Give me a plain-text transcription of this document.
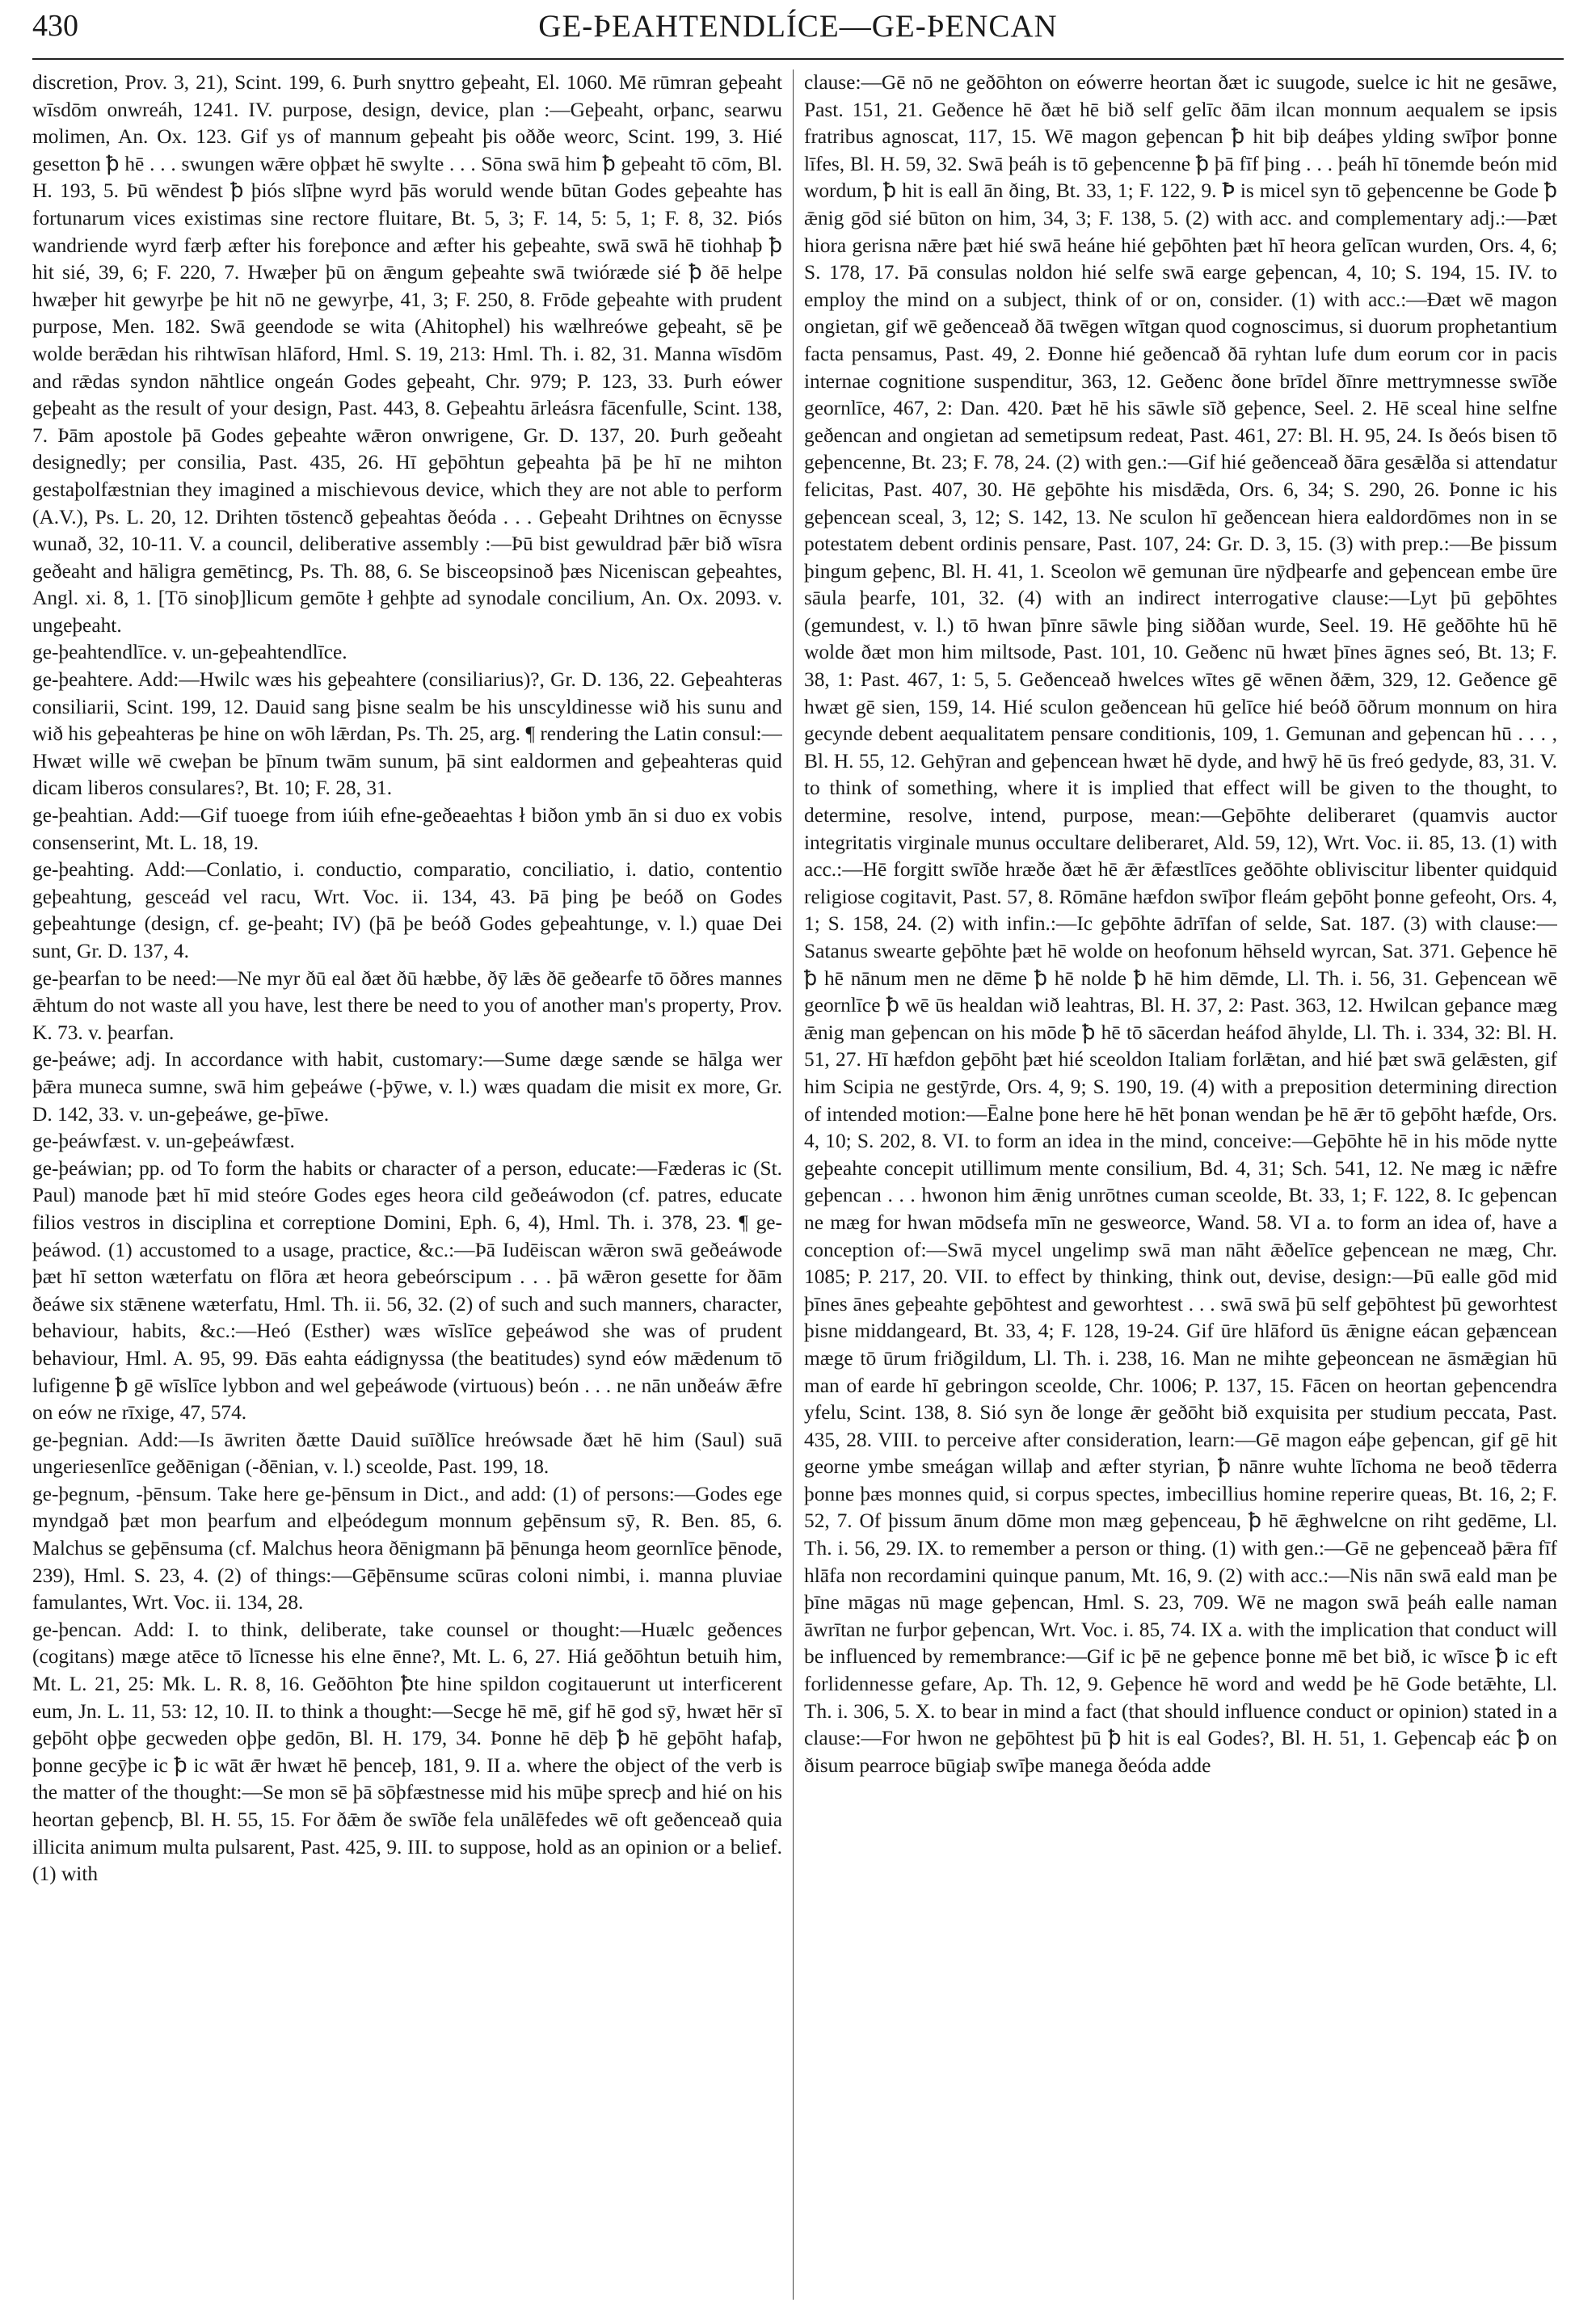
430	GE-ÞEAHTENDLÍCE—GE-ÞENCAN

discretion, Prov. 3, 21), Scint. 199, 6. Þurh snyttro geþeaht, El. 1060. Mē rūmran geþeaht wīsdōm onwreáh, 1241. IV. purpose, design, device, plan :—Geþeaht, orþanc, searwu molimen, An. Ox. 123. Gif ys of mannum geþeaht þis oððe weorc, Scint. 199, 3. Hié gesetton ꝥ hē . . . swungen wǣre oþþæt hē swylte . . . Sōna swā him ꝥ geþeaht tō cōm, Bl. H. 193, 5. Þū wēndest ꝥ þiós slīþne wyrd þās woruld wende būtan Godes geþeahte has fortunarum vices existimas sine rectore fluitare, Bt. 5, 3; F. 14, 5: 5, 1; F. 8, 32. Þiós wandriende wyrd færþ æfter his foreþonce and æfter his geþeahte, swā swā hē tiohhaþ ꝥ hit sié, 39, 6; F. 220, 7. Hwæþer þū on ǣngum geþeahte swā twióræde sié ꝥ ðē helpe hwæþer hit gewyrþe þe hit nō ne gewyrþe, 41, 3; F. 250, 8. Frōde geþeahte with prudent purpose, Men. 182. Swā geendode se wita (Ahitophel) his wælhreówe geþeaht, sē þe wolde berǣdan his rihtwīsan hlāford, Hml. S. 19, 213: Hml. Th. i. 82, 31. Manna wīsdōm and rǣdas syndon nāhtlice ongeán Godes geþeaht, Chr. 979; P. 123, 33. Þurh eówer geþeaht as the result of your design, Past. 443, 8. Geþeahtu ārleásra fācenfulle, Scint. 138, 7. Þām apostole þā Godes geþeahte wǣron onwrigene, Gr. D. 137, 20. Þurh geðeaht designedly; per consilia, Past. 435, 26. Hī geþōhtun geþeahta þā þe hī ne mihton gestaþolfæstnian they imagined a mischievous device, which they are not able to perform (A.V.), Ps. L. 20, 12. Drihten tōstencð geþeahtas ðeóda . . . Geþeaht Drihtnes on ēcnysse wunað, 32, 10-11. V. a council, deliberative assembly :—Þū bist gewuldrad þǣr bið wīsra geðeaht and hāligra gemētincg, Ps. Th. 88, 6. Se bisceopsinoð þæs Niceniscan geþeahtes, Angl. xi. 8, 1. [Tō sinoþ]licum gemōte ł gehþte ad synodale concilium, An. Ox. 2093. v. ungeþeaht.

ge-þeahtendlīce. v. un-geþeahtendlīce.

ge-þeahtere. Add:—Hwilc wæs his geþeahtere (consiliarius)?, Gr. D. 136, 22. Geþeahteras consiliarii, Scint. 199, 12. Dauid sang þisne sealm be his unscyldinesse wið his sunu and wið his geþeahteras þe hine on wōh lǣrdan, Ps. Th. 25, arg. ¶ rendering the Latin consul:—Hwæt wille wē cweþan be þīnum twām sunum, þā sint ealdormen and geþeahteras quid dicam liberos consulares?, Bt. 10; F. 28, 31.

ge-þeahtian. Add:—Gif tuoege from iúih efne-geðeaehtas ł biðon ymb ān si duo ex vobis consenserint, Mt. L. 18, 19.

ge-þeahting. Add:—Conlatio, i. conductio, comparatio, conciliatio, i. datio, contentio geþeahtung, gesceád vel racu, Wrt. Voc. ii. 134, 43. Þā þing þe beóð on Godes geþeahtunge (design, cf. ge-þeaht; IV) (þā þe beóð Godes geþeahtunge, v. l.) quae Dei sunt, Gr. D. 137, 4.

ge-þearfan to be need:—Ne myr ðū eal ðæt ðū hæbbe, ðȳ lǣs ðē geðearfe tō ōðres mannes ǣhtum do not waste all you have, lest there be need to you of another man's property, Prov. K. 73. v. þearfan.

ge-þeáwe; adj. In accordance with habit, customary:—Sume dæge sænde se hālga wer þǣra muneca sumne, swā him geþeáwe (-þȳwe, v. l.) wæs quadam die misit ex more, Gr. D. 142, 33. v. un-geþeáwe, ge-þīwe.

ge-þeáwfæst. v. un-geþeáwfæst.

ge-þeáwian; pp. od To form the habits or character of a person, educate:—Fæderas ic (St. Paul) manode þæt hī mid steóre Godes eges heora cild geðeáwodon (cf. patres, educate filios vestros in disciplina et correptione Domini, Eph. 6, 4), Hml. Th. i. 378, 23. ¶ ge-þeáwod. (1) accustomed to a usage, practice, &c.:—Þā Iudēiscan wǣron swā geðeáwode þæt hī setton wæterfatu on flōra æt heora gebeórscipum . . . þā wǣron gesette for ðām ðeáwe six stǣnene wæterfatu, Hml. Th. ii. 56, 32. (2) of such and such manners, character, behaviour, habits, &c.:—Heó (Esther) wæs wīslīce geþeáwod she was of prudent behaviour, Hml. A. 95, 99. Ðās eahta eádignyssa (the beatitudes) synd eów mǣdenum tō lufigenne ꝥ gē wīslīce lybbon and wel geþeáwode (virtuous) beón . . . ne nān unðeáw ǣfre on eów ne rīxige, 47, 574.

ge-þegnian. Add:—Is āwriten ðætte Dauid suīðlīce hreówsade ðæt hē him (Saul) suā ungeriesenlīce geðēnigan (-ðēnian, v. l.) sceolde, Past. 199, 18.

ge-þegnum, -þēnsum. Take here ge-þēnsum in Dict., and add: (1) of persons:—Godes ege myndgað þæt mon þearfum and elþeódegum monnum geþēnsum sȳ, R. Ben. 85, 6. Malchus se geþēnsuma (cf. Malchus heora ðēnigmann þā þēnunga heom geornlīce þēnode, 239), Hml. S. 23, 4. (2) of things:—Gēþēnsume scūras coloni nimbi, i. manna pluviae famulantes, Wrt. Voc. ii. 134, 28.

ge-þencan. Add: I. to think, deliberate, take counsel or thought:—Huælc geðences (cogitans) mæge atēce tō līcnesse his elne ēnne?, Mt. L. 6, 27. Hiá geðōhtun betuih him, Mt. L. 21, 25: Mk. L. R. 8, 16. Geðōhton ꝥte hine spildon cogitauerunt ut interficerent eum, Jn. L. 11, 53: 12, 10. II. to think a thought:—Secge hē mē, gif hē god sȳ, hwæt hēr sī geþōht oþþe gecweden oþþe gedōn, Bl. H. 179, 34. Þonne hē dēþ ꝥ hē geþōht hafaþ, þonne gecȳþe ic ꝥ ic wāt ǣr hwæt hē þenceþ, 181, 9. II a. where the object of the verb is the matter of the thought:—Se mon sē þā sōþfæstnesse mid his mūþe sprecþ and hié on his heortan geþencþ, Bl. H. 55, 15. For ðǣm ðe swīðe fela unālēfedes wē oft geðenceað quia illicita animum multa pulsarent, Past. 425, 9. III. to suppose, hold as an opinion or a belief. (1) with

clause:—Gē nō ne geðōhton on eówerre heortan ðæt ic suugode, suelce ic hit ne gesāwe, Past. 151, 21. Geðence hē ðæt hē bið self gelīc ðām ilcan monnum aequalem se ipsis fratribus agnoscat, 117, 15. Wē magon geþencan ꝥ hit biþ deáþes ylding swīþor þonne līfes, Bl. H. 59, 32. Swā þeáh is tō geþencenne ꝥ þā fīf þing . . . þeáh hī tōnemde beón mid wordum, ꝥ hit is eall ān ðing, Bt. 33, 1; F. 122, 9. Ꝥ is micel syn tō geþencenne be Gode ꝥ ǣnig gōd sié būton on him, 34, 3; F. 138, 5. (2) with acc. and complementary adj.:—Þæt hiora gerisna nǣre þæt hié swā heáne hié geþōhten þæt hī heora gelīcan wurden, Ors. 4, 6; S. 178, 17. Þā consulas noldon hié selfe swā earge geþencan, 4, 10; S. 194, 15. IV. to employ the mind on a subject, think of or on, consider. (1) with acc.:—Ðæt wē magon ongietan, gif wē geðenceað ðā twēgen wītgan quod cognoscimus, si duorum prophetantium facta pensamus, Past. 49, 2. Ðonne hié geðencað ðā ryhtan lufe dum eorum cor in pacis internae cognitione suspenditur, 363, 12. Geðenc ðone brīdel ðīnre mettrymnesse swīðe geornlīce, 467, 2: Dan. 420. Þæt hē his sāwle sīð geþence, Seel. 2. Hē sceal hine selfne geðencan and ongietan ad semetipsum redeat, Past. 461, 27: Bl. H. 95, 24. Is ðeós bisen tō geþencenne, Bt. 23; F. 78, 24. (2) with gen.:—Gif hié geðenceað ðāra gesǣlða si attendatur felicitas, Past. 407, 30. Hē geþōhte his misdǣda, Ors. 6, 34; S. 290, 26. Þonne ic his geþencean sceal, 3, 12; S. 142, 13. Ne sculon hī geðencean hiera ealdordōmes non in se potestatem debent ordinis pensare, Past. 107, 24: Gr. D. 3, 15. (3) with prep.:—Be þissum þingum geþenc, Bl. H. 41, 1. Sceolon wē gemunan ūre nȳdþearfe and geþencean embe ūre sāula þearfe, 101, 32. (4) with an indirect interrogative clause:—Lyt þū geþōhtes (gemundest, v. l.) tō hwan þīnre sāwle þing siððan wurde, Seel. 19. Hē geðōhte hū hē wolde ðæt mon him miltsode, Past. 101, 10. Geðenc nū hwæt þīnes āgnes seó, Bt. 13; F. 38, 1: Past. 467, 1: 5, 5. Geðenceað hwelces wītes gē wēnen ðǣm, 329, 12. Geðence gē hwæt gē sien, 159, 14. Hié sculon geðencean hū gelīce hié beóð ōðrum monnum on hira gecynde debent aequalitatem pensare conditionis, 109, 1. Gemunan and geþencan hū . . . , Bl. H. 55, 12. Gehȳran and geþencean hwæt hē dyde, and hwȳ hē ūs freó gedyde, 83, 31. V. to think of something, where it is implied that effect will be given to the thought, to determine, resolve, intend, purpose, mean:—Geþōhte deliberaret (quamvis auctor integritatis virginale munus occultare deliberaret, Ald. 59, 12), Wrt. Voc. ii. 85, 13. (1) with acc.:—Hē forgitt swīðe hræðe ðæt hē ǣr ǣfæstlīces geðōhte obliviscitur libenter quidquid religiose cogitavit, Past. 57, 8. Rōmāne hæfdon swīþor fleám geþōht þonne gefeoht, Ors. 4, 1; S. 158, 24. (2) with infin.:—Ic geþōhte ādrīfan of selde, Sat. 187. (3) with clause:—Satanus swearte geþōhte þæt hē wolde on heofonum hēhseld wyrcan, Sat. 371. Geþence hē ꝥ hē nānum men ne dēme ꝥ hē nolde ꝥ hē him dēmde, Ll. Th. i. 56, 31. Geþencean wē geornlīce ꝥ wē ūs healdan wið leahtras, Bl. H. 37, 2: Past. 363, 12. Hwilcan geþance mæg ǣnig man geþencan on his mōde ꝥ hē tō sācerdan heáfod āhylde, Ll. Th. i. 334, 32: Bl. H. 51, 27. Hī hæfdon geþōht þæt hié sceoldon Italiam forlǣtan, and hié þæt swā gelǣsten, gif him Scipia ne gestȳrde, Ors. 4, 9; S. 190, 19. (4) with a preposition determining direction of intended motion:—Ēalne þone here hē hēt þonan wendan þe hē ǣr tō geþōht hæfde, Ors. 4, 10; S. 202, 8. VI. to form an idea in the mind, conceive:—Geþōhte hē in his mōde nytte geþeahte concepit utillimum mente consilium, Bd. 4, 31; Sch. 541, 12. Ne mæg ic nǣfre geþencan . . . hwonon him ǣnig unrōtnes cuman sceolde, Bt. 33, 1; F. 122, 8. Ic geþencan ne mæg for hwan mōdsefa mīn ne gesweorce, Wand. 58. VI a. to form an idea of, have a conception of:—Swā mycel ungelimp swā man nāht ǣðelīce geþencean ne mæg, Chr. 1085; P. 217, 20. VII. to effect by thinking, think out, devise, design:—Þū ealle gōd mid þīnes ānes geþeahte geþōhtest and geworhtest . . . swā swā þū self geþōhtest þū geworhtest þisne middangeard, Bt. 33, 4; F. 128, 19-24. Gif ūre hlāford ūs ǣnigne eácan geþæncean mæge tō ūrum friðgildum, Ll. Th. i. 238, 16. Man ne mihte geþeoncean ne āsmǣgian hū man of earde hī gebringon sceolde, Chr. 1006; P. 137, 15. Fācen on heortan geþencendra yfelu, Scint. 138, 8. Sió syn ðe longe ǣr geðōht bið exquisita per studium peccata, Past. 435, 28. VIII. to perceive after consideration, learn:—Gē magon eáþe geþencan, gif gē hit geornе ymbe smeágan willaþ and æfter styrian, ꝥ nānre wuhte līchoma ne beoð tēderra þonne þæs monnes quid, si corpus spectes, imbecillius homine reperire queas, Bt. 16, 2; F. 52, 7. Of þissum ānum dōme mon mæg geþenceau, ꝥ hē ǣghwelcne on riht gedēme, Ll. Th. i. 56, 29. IX. to remember a person or thing. (1) with gen.:—Gē ne geþenceað þǣra fīf hlāfa non recordamini quinque panum, Mt. 16, 9. (2) with acc.:—Nis nān swā eald man þe þīne māgas nū mage geþencan, Hml. S. 23, 709. Wē ne magon swā þeáh ealle naman āwrītan ne furþor geþencan, Wrt. Voc. i. 85, 74. IX a. with the implication that conduct will be influenced by remembrance:—Gif ic þē ne geþence þonne mē bet bið, ic wīsce ꝥ ic eft forlidennesse gefare, Ap. Th. 12, 9. Geþence hē word and wedd þe hē Gode betǣhte, Ll. Th. i. 306, 5. X. to bear in mind a fact (that should influence conduct or opinion) stated in a clause:—For hwon ne geþōhtest þū ꝥ hit is eal Godes?, Bl. H. 51, 1. Geþencaþ eác ꝥ on ðisum pearroce būgiaþ swīþe manega ðeóda adde
